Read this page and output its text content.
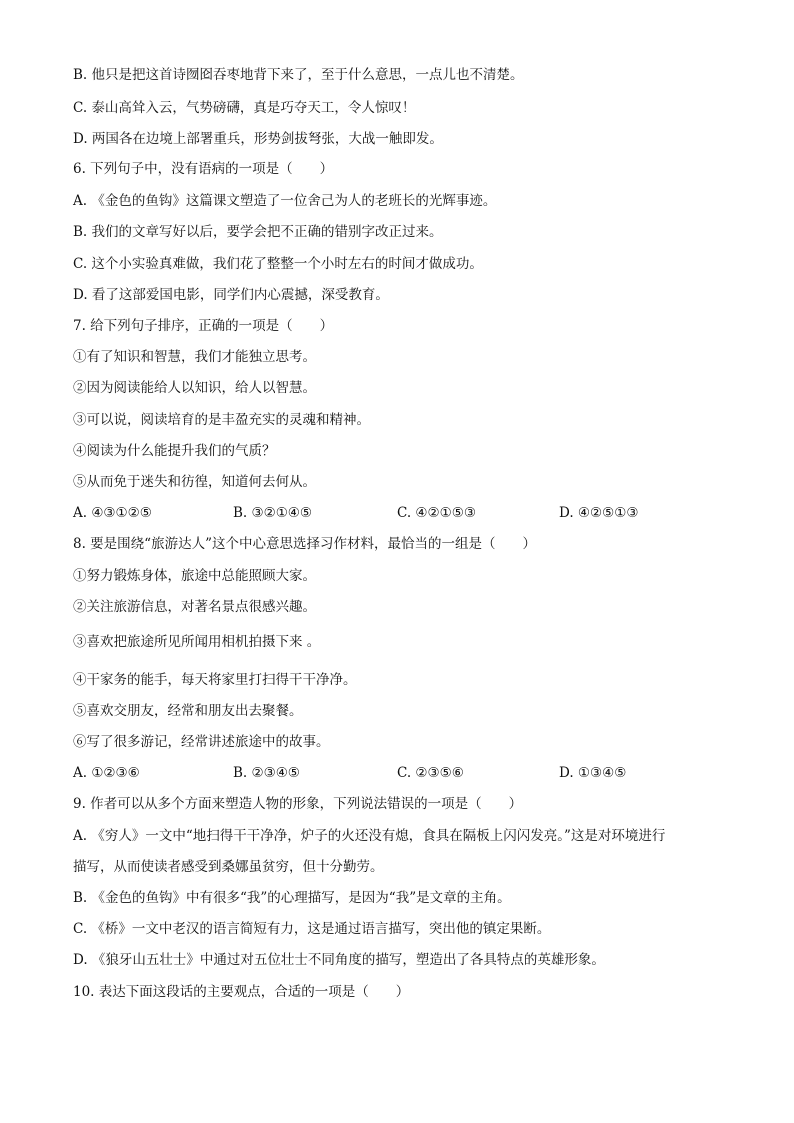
B. 他只是把这首诗囫囵吞枣地背下来了，至于什么意思，一点儿也不清楚。
C. 泰山高耸入云，气势磅礴，真是巧夺天工，令人惊叹！
D. 两国各在边境上部署重兵，形势剑拔弩张，大战一触即发。
6. 下列句子中，没有语病的一项是（　　）
A. 《金色的鱼钩》这篇课文塑造了一位舍己为人的老班长的光辉事迹。
B. 我们的文章写好以后，要学会把不正确的错别字改正过来。
C. 这个小实验真难做，我们花了整整一个小时左右的时间才做成功。
D. 看了这部爱国电影，同学们内心震撼，深受教育。
7. 给下列句子排序，正确的一项是（　　）
①有了知识和智慧，我们才能独立思考。
②因为阅读能给人以知识，给人以智慧。
③可以说，阅读培育的是丰盈充实的灵魂和精神。
④阅读为什么能提升我们的气质？
⑤从而免于迷失和彷徨，知道何去何从。
A. ④③①②⑤	B. ③②①④⑤	C. ④②①⑤③	D. ④②⑤①③
8. 要是围绕“旅游达人”这个中心意思选择习作材料，最恰当的一组是（　　）
①努力锻炼身体，旅途中总能照顾大家。
②关注旅游信息，对著名景点很感兴趣。
③喜欢把旅途所见所闻用相机拍摄下来 。
④干家务的能手，每天将家里打扫得干干净净。
⑤喜欢交朋友，经常和朋友出去聚餐。
⑥写了很多游记，经常讲述旅途中的故事。
A. ①②③⑥	B. ②③④⑤	C. ②③⑤⑥	D. ①③④⑤
9. 作者可以从多个方面来塑造人物的形象，下列说法错误的一项是（　　）
A. 《穷人》一文中“地扫得干干净净，炉子的火还没有熄，食具在隔板上闪闪发亮。”这是对环境进行
描写，从而使读者感受到桑娜虽贫穷，但十分勤劳。
B. 《金色的鱼钩》中有很多“我”的心理描写，是因为“我”是文章的主角。
C. 《桥》一文中老汉的语言简短有力，这是通过语言描写，突出他的镇定果断。
D. 《狼牙山五壮士》中通过对五位壮士不同角度的描写，塑造出了各具特点的英雄形象。
10. 表达下面这段话的主要观点，合适的一项是（　　）
